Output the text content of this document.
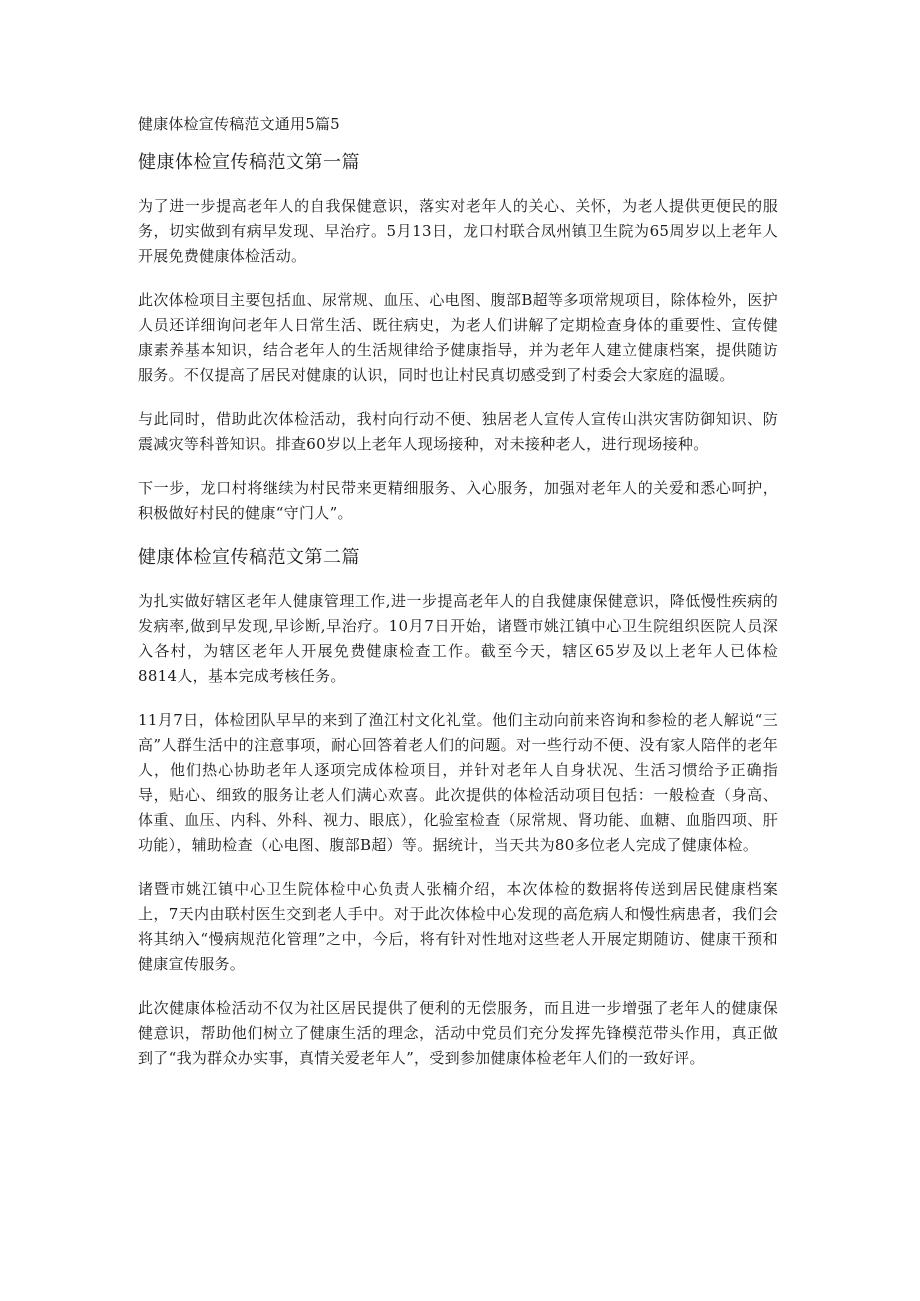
健康体检宣传稿范文通用5篇5
健康体检宣传稿范文第一篇

为了进一步提高老年人的自我保健意识，落实对老年人的关心、关怀，为老人提供更便民的服务，切实做到有病早发现、早治疗。5月13日，龙口村联合凤州镇卫生院为65周岁以上老年人开展免费健康体检活动。

此次体检项目主要包括血、尿常规、血压、心电图、腹部B超等多项常规项目，除体检外，医护人员还详细询问老年人日常生活、既往病史，为老人们讲解了定期检查身体的重要性、宣传健康素养基本知识，结合老年人的生活规律给予健康指导，并为老年人建立健康档案，提供随访服务。不仅提高了居民对健康的认识，同时也让村民真切感受到了村委会大家庭的温暖。

与此同时，借助此次体检活动，我村向行动不便、独居老人宣传人宣传山洪灾害防御知识、防震减灾等科普知识。排查60岁以上老年人现场接种，对未接种老人，进行现场接种。

下一步，龙口村将继续为村民带来更精细服务、入心服务，加强对老年人的关爱和悉心呵护，积极做好村民的健康“守门人”。

健康体检宣传稿范文第二篇

为扎实做好辖区老年人健康管理工作,进一步提高老年人的自我健康保健意识，降低慢性疾病的发病率,做到早发现,早诊断,早治疗。10月7日开始，诸暨市姚江镇中心卫生院组织医院人员深入各村，为辖区老年人开展免费健康检查工作。截至今天，辖区65岁及以上老年人已体检8814人，基本完成考核任务。

11月7日，体检团队早早的来到了渔江村文化礼堂。他们主动向前来咨询和参检的老人解说“三高”人群生活中的注意事项，耐心回答着老人们的问题。对一些行动不便、没有家人陪伴的老年人，他们热心协助老年人逐项完成体检项目，并针对老年人自身状况、生活习惯给予正确指导，贴心、细致的服务让老人们满心欢喜。此次提供的体检活动项目包括：一般检查（身高、体重、血压、内科、外科、视力、眼底），化验室检查（尿常规、肾功能、血糖、血脂四项、肝功能），辅助检查（心电图、腹部B超）等。据统计，当天共为80多位老人完成了健康体检。

诸暨市姚江镇中心卫生院体检中心负责人张楠介绍，本次体检的数据将传送到居民健康档案上，7天内由联村医生交到老人手中。对于此次体检中心发现的高危病人和慢性病患者，我们会将其纳入“慢病规范化管理”之中，今后，将有针对性地对这些老人开展定期随访、健康干预和健康宣传服务。

此次健康体检活动不仅为社区居民提供了便利的无偿服务，而且进一步增强了老年人的健康保健意识，帮助他们树立了健康生活的理念，活动中党员们充分发挥先锋模范带头作用，真正做到了“我为群众办实事，真情关爱老年人”，受到参加健康体检老年人们的一致好评。
